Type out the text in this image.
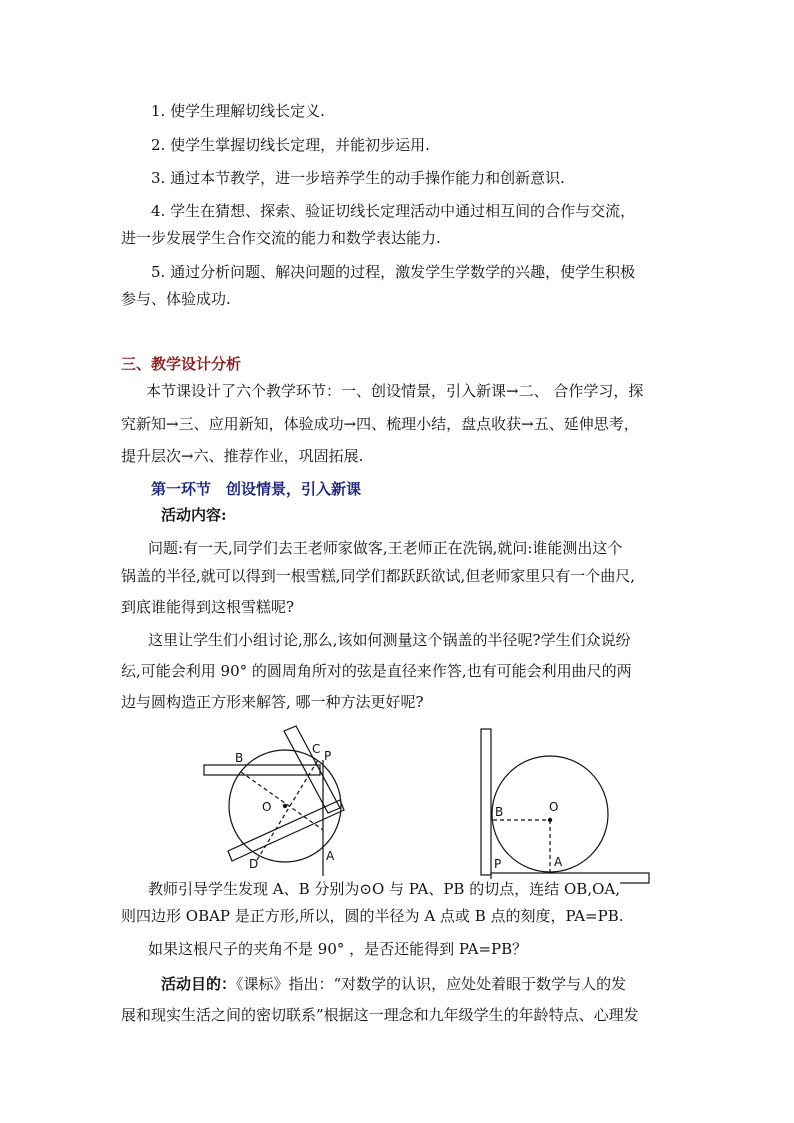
1. 使学生理解切线长定义.
2. 使学生掌握切线长定理，并能初步运用.
3. 通过本节教学，进一步培养学生的动手操作能力和创新意识.
4. 学生在猜想、探索、验证切线长定理活动中通过相互间的合作与交流，
进一步发展学生合作交流的能力和数学表达能力.
5. 通过分析问题、解决问题的过程，激发学生学数学的兴趣，使学生积极
参与、体验成功.
三、教学设计分析
本节课设计了六个教学环节：一、创设情景，引入新课→二、 合作学习，探
究新知→三、应用新知，体验成功→四、梳理小结，盘点收获→五、延伸思考，
提升层次→六、推荐作业，巩固拓展.
第一环节　创设情景，引入新课
活动内容:
问题:有一天,同学们去王老师家做客,王老师正在洗锅,就问:谁能测出这个
锅盖的半径,就可以得到一根雪糕,同学们都跃跃欲试,但老师家里只有一个曲尺,
到底谁能得到这根雪糕呢?
这里让学生们小组讨论,那么,该如何测量这个锅盖的半径呢?学生们众说纷
纭,可能会利用 90° 的圆周角所对的弦是直径来作答,也有可能会利用曲尺的两
边与圆构造正方形来解答, 哪一种方法更好呢?
B
C P
O
D
A
B	O
P	A
教师引导学生发现 A、B 分别为⊙O 与 PA、PB 的切点，连结 OB,OA,
则四边形 OBAP 是正方形,所以，圆的半径为 A 点或 B 点的刻度，PA=PB.
如果这根尺子的夹角不是 90° ，是否还能得到 PA=PB？
活动目的：《课标》指出：“对数学的认识，应处处着眼于数学与人的发
展和现实生活之间的密切联系”根据这一理念和九年级学生的年龄特点、心理发
